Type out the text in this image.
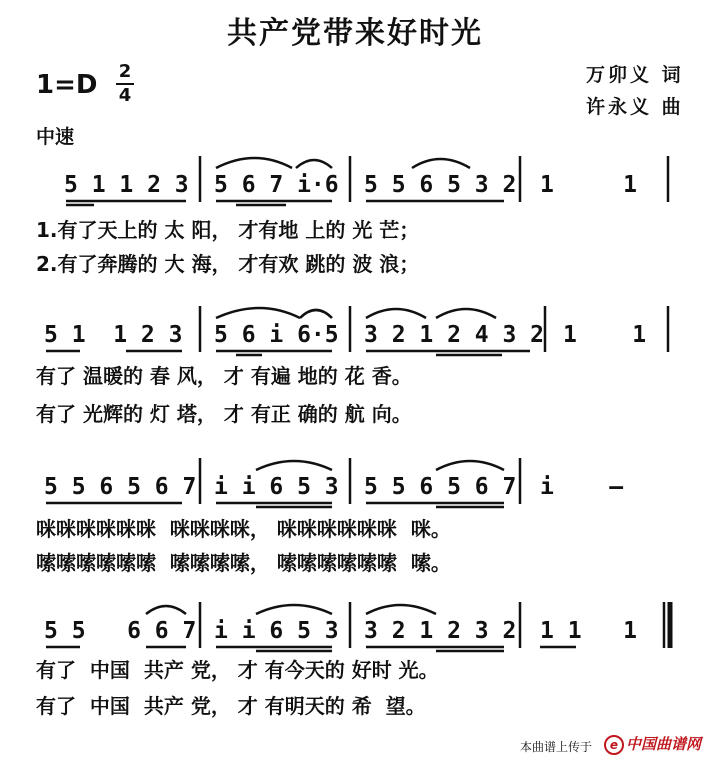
共产党带来好时光
1=D 2
4
万卯义 词
许永义 曲
中速
5 1 1 2 3 5 6 7 i·6 5 5 6 5 3 2 1     1
1.有了天上的 太 阳， 才有地 上的 光 芒；
2.有了奔腾的 大 海， 才有欢 跳的 波 浪；
5 1  1 2 3 5 6 i 6·5 3 2 1 2 4 3 2 1    1
有了 温暖的 春 风， 才 有遍 地的 花 香。
有了 光辉的 灯 塔， 才 有正 确的 航 向。
5 5 6 5 6 7 i i 6 5 3 5 5 6 5 6 7 i    —
咪咪咪咪咪咪  咪咪咪咪， 咪咪咪咪咪咪  咪。
嗦嗦嗦嗦嗦嗦  嗦嗦嗦嗦， 嗦嗦嗦嗦嗦嗦  嗦。
5 5   6 6 7 i i 6 5 3 3 2 1 2 3 2 1 1   1
有了  中国  共产 党， 才 有今天的 好时 光。
有了  中国  共产 党， 才 有明天的 希  望。
本曲谱上传于	e 中国曲谱网
